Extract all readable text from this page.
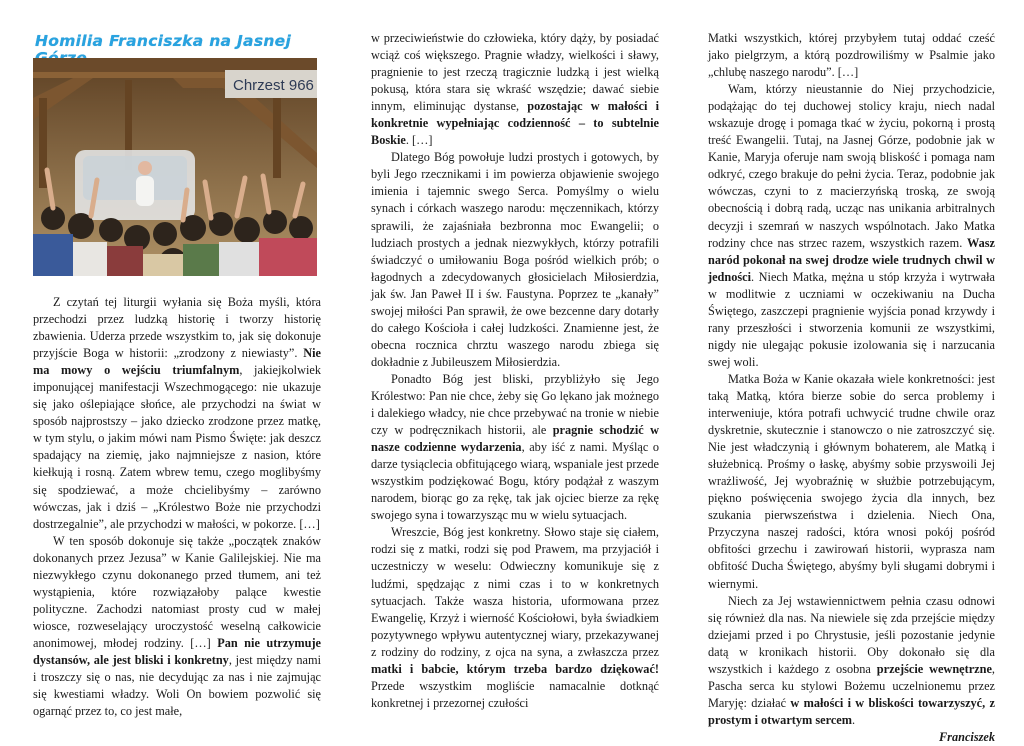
Homilia Franciszka na Jasnej
Chrzest 966

Z czytań tej liturgii wyłania się Boża myśli, która przechodzi przez ludzką historię i tworzy historię zbawienia. Uderza przede wszystkim to, jak się dokonuje przyjście Boga w historii: „zrodzony z niewiasty”. Nie ma mowy o wejściu triumfalnym, jakiejkolwiek imponującej manifestacji Wszechmogącego: nie ukazuje się jako oślepiające słońce, ale przychodzi na świat w sposób najprostszy – jako dziecko zrodzone przez matkę, w tym stylu, o jakim mówi nam Pismo Święte: jak deszcz spadający na ziemię, jako najmniejsze z nasion, które kiełkują i rosną. Zatem wbrew temu, czego moglibyśmy się spodziewać, a może chcielibyśmy – zarówno wówczas, jak i dziś – „Królestwo Boże nie przychodzi dostrzegalnie”, ale przychodzi w małości, w pokorze. […]

W ten sposób dokonuje się także „początek znaków dokonanych przez Jezusa” w Kanie Galilejskiej. Nie ma niezwykłego czynu dokonanego przed tłumem, ani też wystąpienia, które rozwiązałoby palące kwestie polityczne. Zachodzi natomiast prosty cud w małej wiosce, rozweselający uroczystość weselną całkowicie anonimowej, młodej rodziny. […] Pan nie utrzymuje dystansów, ale jest bliski i konkretny, jest między nami i troszczy się o nas, nie decydując za nas i nie zajmując się kwestiami władzy. Woli On bowiem pozwolić się ogarnąć przez to, co jest małe,

w przeciwieństwie do człowieka, który dąży, by posiadać wciąż coś większego. Pragnie władzy, wielkości i sławy, pragnienie to jest rzeczą tragicznie ludzką i jest wielką pokusą, która stara się wkraść wszędzie; dawać siebie innym, eliminując dystanse, pozostając w małości i konkretnie wypełniając codzienność – to subtelnie Boskie. […]

Dlatego Bóg powołuje ludzi prostych i gotowych, by byli Jego rzecznikami i im powierza objawienie swojego imienia i tajemnic swego Serca. Pomyślmy o wielu synach i córkach waszego narodu: męczennikach, którzy sprawili, że zajaśniała bezbronna moc Ewangelii; o ludziach prostych a jednak niezwykłych, którzy potrafili świadczyć o umiłowaniu Boga pośród wielkich prób; o łagodnych a zdecydowanych głosicielach Miłosierdzia, jak św. Jan Paweł II i św. Faustyna. Poprzez te „kanały” swojej miłości Pan sprawił, że owe bezcenne dary dotarły do całego Kościoła i całej ludzkości. Znamienne jest, że obecna rocznica chrztu waszego narodu zbiega się dokładnie z Jubileuszem Miłosierdzia.

Ponadto Bóg jest bliski, przybliżyło się Jego Królestwo: Pan nie chce, żeby się Go lękano jak możnego i dalekiego władcy, nie chce przebywać na tronie w niebie czy w podręcznikach historii, ale pragnie schodzić w nasze codzienne wydarzenia, aby iść z nami. Myśląc o darze tysiąclecia obfitującego wiarą, wspaniale jest przede wszystkim podziękować Bogu, który podążał z waszym narodem, biorąc go za rękę, tak jak ojciec bierze za rękę swojego syna i towarzysząc mu w wielu sytuacjach.

Wreszcie, Bóg jest konkretny. Słowo staje się ciałem, rodzi się z matki, rodzi się pod Prawem, ma przyjaciół i uczestniczy w weselu: Odwieczny komunikuje się z ludźmi, spędzając z nimi czas i to w konkretnych sytuacjach. Także wasza historia, uformowana przez Ewangelię, Krzyż i wierność Kościołowi, była świadkiem pozytywnego wpływu autentycznej wiary, przekazywanej z rodziny do rodziny, z ojca na syna, a zwłaszcza przez matki i babcie, którym trzeba bardzo dziękować! Przede wszystkim mogliście namacalnie dotknąć konkretnej i przezornej czułości

Matki wszystkich, której przybyłem tutaj oddać cześć jako pielgrzym, a którą pozdrowiliśmy w Psalmie jako „chlubę naszego narodu”. […]

Wam, którzy nieustannie do Niej przychodzicie, podążając do tej duchowej stolicy kraju, niech nadal wskazuje drogę i pomaga tkać w życiu, pokorną i prostą treść Ewangelii. Tutaj, na Jasnej Górze, podobnie jak w Kanie, Maryja oferuje nam swoją bliskość i pomaga nam odkryć, czego brakuje do pełni życia. Teraz, podobnie jak wówczas, czyni to z macierzyńską troską, ze swoją obecnością i dobrą radą, ucząc nas unikania arbitralnych decyzji i szemrań w naszych wspólnotach. Jako Matka rodziny chce nas strzec razem, wszystkich razem. Wasz naród pokonał na swej drodze wiele trudnych chwil w jedności. Niech Matka, mężna u stóp krzyża i wytrwała w modlitwie z uczniami w oczekiwaniu na Ducha Świętego, zaszczepi pragnienie wyjścia ponad krzywdy i rany przeszłości i stworzenia komunii ze wszystkimi, nigdy nie ulegając pokusie izolowania się i narzucania swej woli.

Matka Boża w Kanie okazała wiele konkretności: jest taką Matką, która bierze sobie do serca problemy i interweniuje, która potrafi uchwycić trudne chwile oraz dyskretnie, skutecznie i stanowczo o nie zatroszczyć się. Nie jest władczynią i głównym bohaterem, ale Matką i służebnicą. Prośmy o łaskę, abyśmy sobie przyswoili Jej wrażliwość, Jej wyobraźnię w służbie potrzebującym, piękno poświęcenia swojego życia dla innych, bez szukania pierwszeństwa i dzielenia. Niech Ona, Przyczyna naszej radości, która wnosi pokój pośród obfitości grzechu i zawirowań historii, wyprasza nam obfitość Ducha Świętego, abyśmy byli sługami dobrymi i wiernymi.

Niech za Jej wstawiennictwem pełnia czasu odnowi się również dla nas. Na niewiele się zda przejście między dziejami przed i po Chrystusie, jeśli pozostanie jedynie datą w kronikach historii. Oby dokonało się dla wszystkich i każdego z osobna przejście wewnętrzne, Pascha serca ku stylowi Bożemu uczelnionemu przez Maryję: działać w małości i w bliskości towarzyszyć, z prostym i otwartym sercem.

Franciszek
